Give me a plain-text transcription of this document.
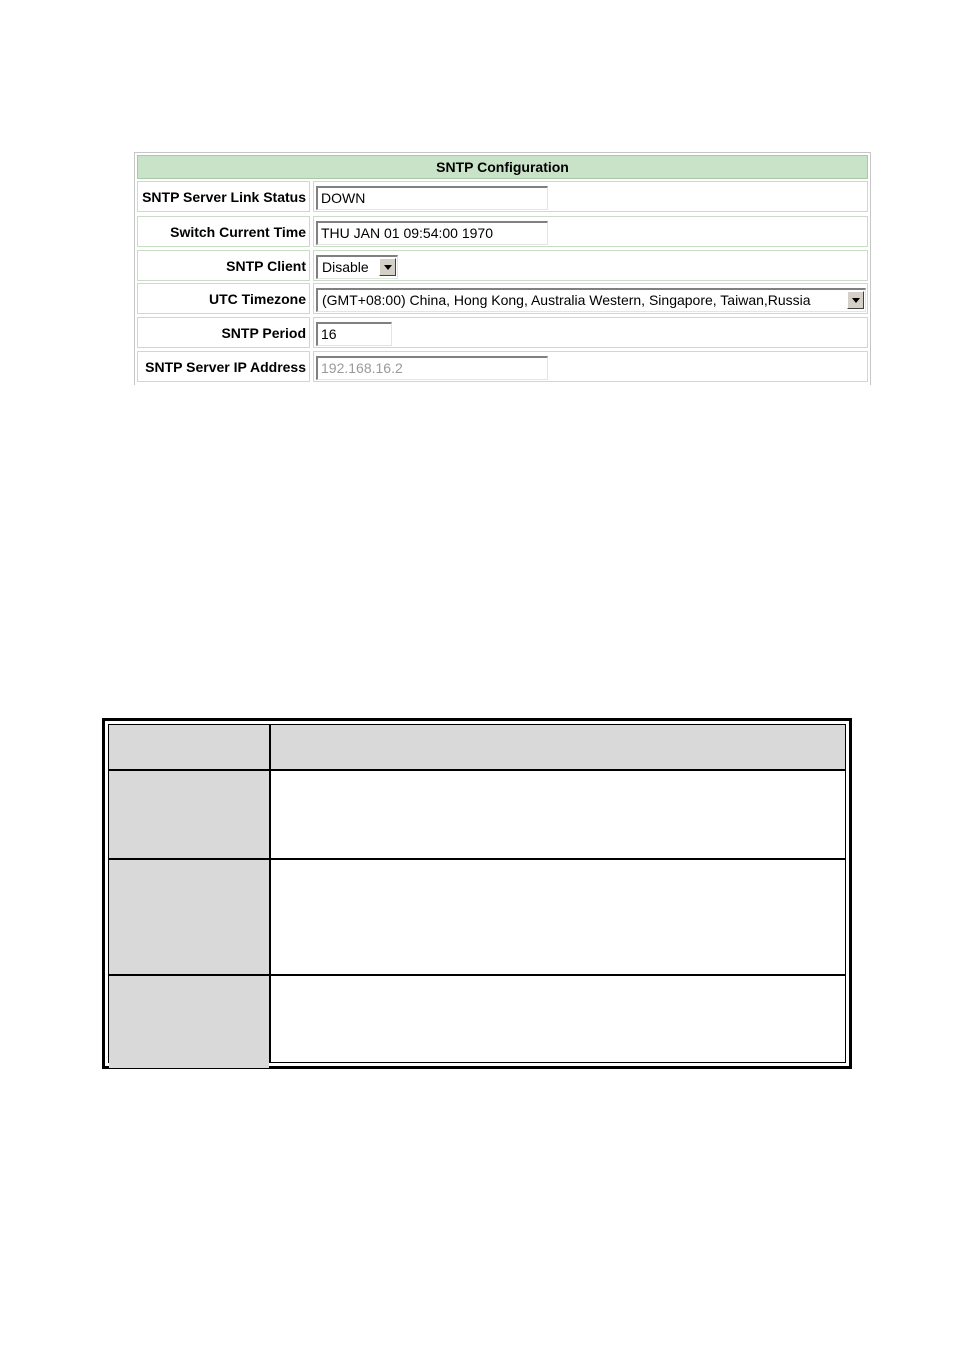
SNTP Configuration
SNTP Server Link Status	DOWN
Switch Current Time	THU JAN 01 09:54:00 1970
SNTP Client Disable
UTC Timezone (GMT+08:00) China, Hong Kong, Australia Western, Singapore, Taiwan,Russia
SNTP Period	16
SNTP Server IP Address	192.168.16.2
